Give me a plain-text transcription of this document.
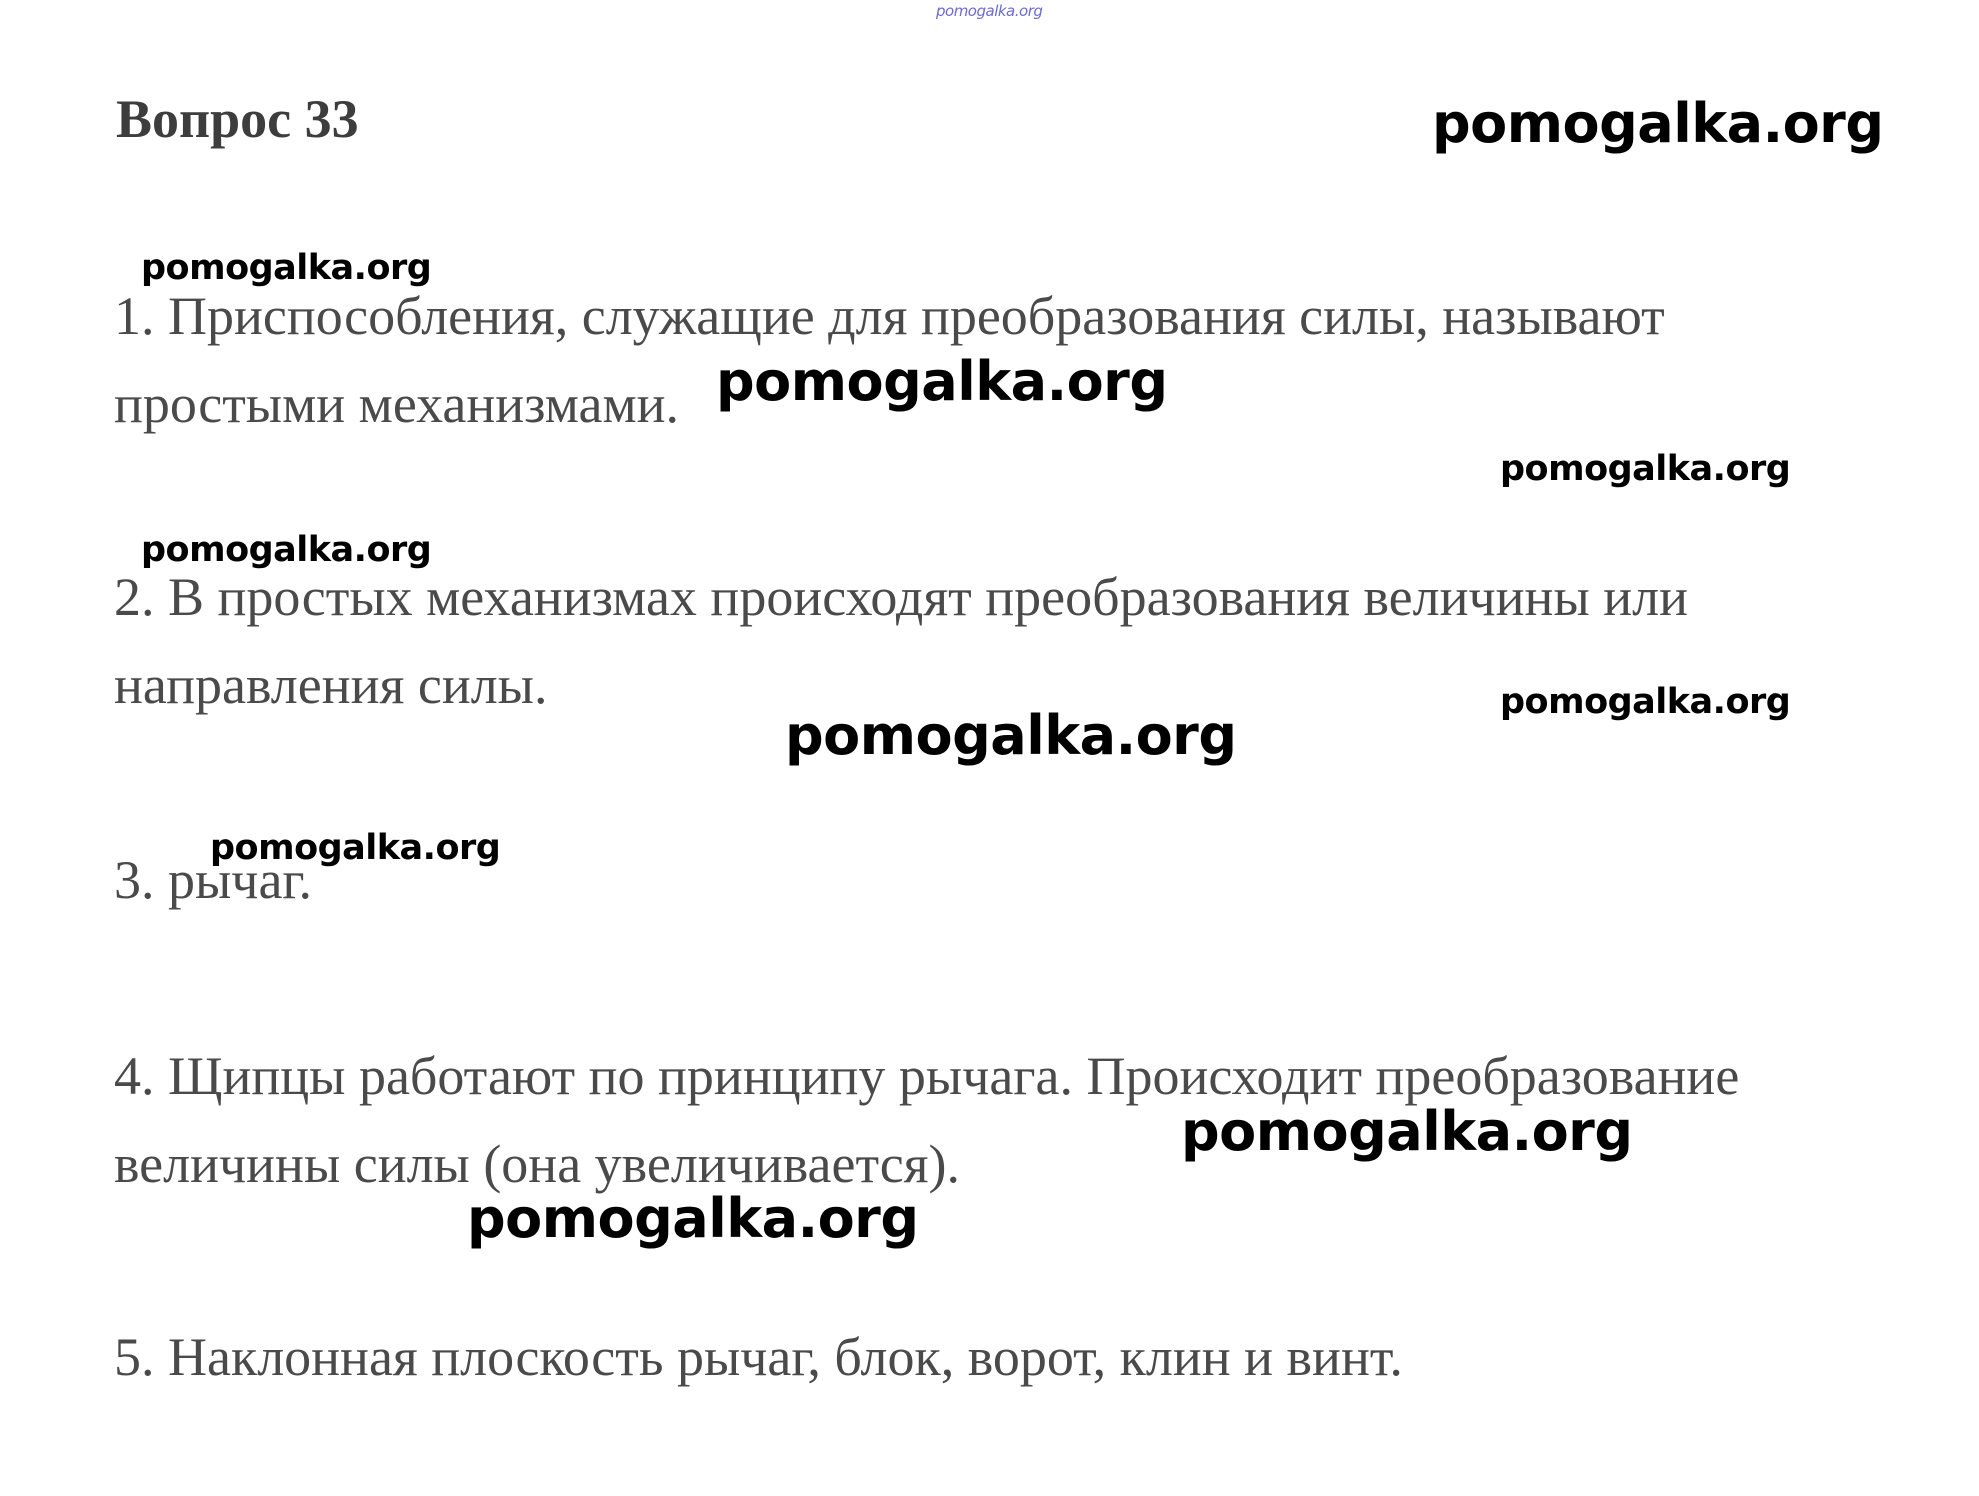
Вопрос 33
1. Приспособления, служащие для преобразования силы, называют
простыми механизмами.
2. В простых механизмах происходят преобразования величины или
направления силы.
3. рычаг.
4. Щипцы работают по принципу рычага. Происходит преобразование
величины силы (она увеличивается).
5. Наклонная плоскость рычаг, блок, ворот, клин и винт.
pomogalka.org
pomogalka.org
pomogalka.org
pomogalka.org
pomogalka.org
pomogalka.org
pomogalka.org
pomogalka.org
pomogalka.org
pomogalka.org
pomogalka.org
